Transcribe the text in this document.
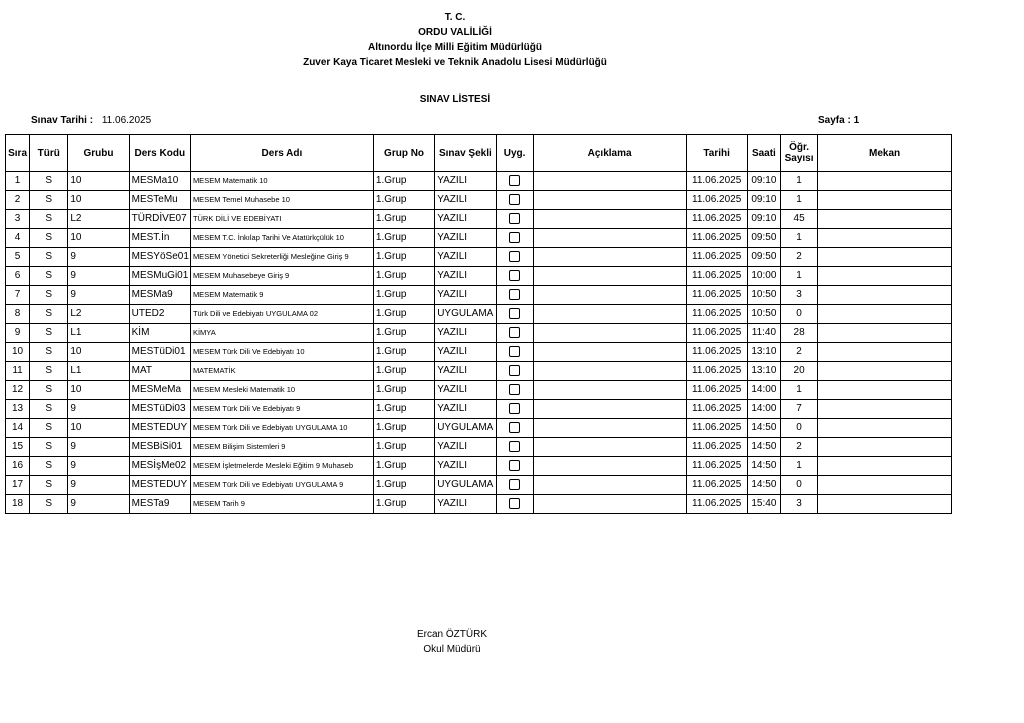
T. C.
ORDU VALİLİĞİ
Altınordu İlçe Milli Eğitim Müdürlüğü
Zuver Kaya Ticaret Mesleki ve Teknik Anadolu Lisesi Müdürlüğü
SINAV LİSTESİ
Sınav Tarihi : 11.06.2025	Sayfa : 1
Sıra	Türü	Grubu	Ders Kodu	Ders Adı	Grup No	Sınav Şekli	Uyg.	Açıklama	Tarihi	Saati	Öğr. Sayısı	Mekan
1	S	10	MESMa10	MESEM Matematik 10	1.Grup	YAZILI			11.06.2025	09:10	1	
2	S	10	MESTeMu	MESEM Temel Muhasebe 10	1.Grup	YAZILI			11.06.2025	09:10	1	
3	S	L2	TÜRDİVE07	TÜRK DİLİ VE EDEBİYATI	1.Grup	YAZILI			11.06.2025	09:10	45	
4	S	10	MEST.İn	MESEM T.C. İnkılap Tarihi Ve Atatürkçülük 10	1.Grup	YAZILI			11.06.2025	09:50	1	
5	S	9	MESYöSe01	MESEM Yönetici Sekreterliği Mesleğine Giriş 9	1.Grup	YAZILI			11.06.2025	09:50	2	
6	S	9	MESMuGi01	MESEM Muhasebeye Giriş 9	1.Grup	YAZILI			11.06.2025	10:00	1	
7	S	9	MESMa9	MESEM Matematik 9	1.Grup	YAZILI			11.06.2025	10:50	3	
8	S	L2	UTED2	Türk Dili ve Edebiyatı UYGULAMA 02	1.Grup	UYGULAMA			11.06.2025	10:50	0	
9	S	L1	KİM	KİMYA	1.Grup	YAZILI			11.06.2025	11:40	28	
10	S	10	MESTüDi01	MESEM Türk Dili Ve Edebiyatı 10	1.Grup	YAZILI			11.06.2025	13:10	2	
11	S	L1	MAT	MATEMATİK	1.Grup	YAZILI			11.06.2025	13:10	20	
12	S	10	MESMeMa	MESEM Mesleki Matematik 10	1.Grup	YAZILI			11.06.2025	14:00	1	
13	S	9	MESTüDi03	MESEM Türk Dili Ve Edebiyatı 9	1.Grup	YAZILI			11.06.2025	14:00	7	
14	S	10	MESTEDUY	MESEM Türk Dili ve Edebiyatı UYGULAMA 10	1.Grup	UYGULAMA			11.06.2025	14:50	0	
15	S	9	MESBiSi01	MESEM Bilişim Sistemleri 9	1.Grup	YAZILI			11.06.2025	14:50	2	
16	S	9	MESİşMe02	MESEM İşletmelerde Mesleki Eğitim 9 Muhaseb	1.Grup	YAZILI			11.06.2025	14:50	1	
17	S	9	MESTEDUY	MESEM Türk Dili ve Edebiyatı UYGULAMA 9	1.Grup	UYGULAMA			11.06.2025	14:50	0	
18	S	9	MESTa9	MESEM Tarih 9	1.Grup	YAZILI			11.06.2025	15:40	3	
Ercan ÖZTÜRK
Okul Müdürü
